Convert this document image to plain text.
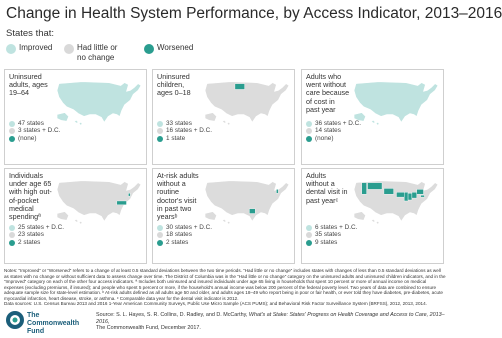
Change in Health System Performance, by Access Indicator, 2013–2016
States that:
Improved	Had little or no change
Worsened
Uninsured adults, ages 19–64
47 states
3 states + D.C.
(none)
Uninsured children, ages 0–18
33 states
16 states + D.C.
1 state
Adults who went without care because of cost in past year
36 states + D.C.
14 states
(none)
Individuals under age 65 with high out-of-pocket medical spendingª
25 states + D.C.
23 states
2 states
At-risk adults without a routine doctor's visit in past two yearsᵇ
30 states + D.C.
18 states
2 states
Adults without a dental visit in past yearᶜ
6 states + D.C.
35 states
9 states
Notes: “Improved” or “Worsened” refers to a change of at least 0.5 standard deviations between the two time periods. “Had little or no change” includes states with changes of less than 0.5 standard deviations as well as states with no change or without sufficient data to assess change over time. The District of Columbia was in the “Had little or no change” category on the uninsured adults and uninsured children indicators, and in the “Improved” category on each of the other four access indicators. ª Includes both uninsured and insured individuals under age 65 living in households that spent 10 percent or more of annual income on medical expenses (excluding premiums, if insured); and people who spent 5 percent or more, if the household's annual income was below 200 percent of the federal poverty level. Two years of data are combined to ensure adequate sample size for state-level estimation. ᵇ At-risk adults defined as all adults age 50 and older, and adults ages 18–49 who report being in poor or fair health, or ever told they have diabetes, pre-diabetes, acute myocardial infarction, heart disease, stroke, or asthma. ᶜ Comparable data year for the dental visit indicator is 2012.
Data sources: U.S. Census Bureau 2013 and 2016 1-Year American Community Surveys, Public Use Micro Sample (ACS PUMS); and Behavioral Risk Factor Surveillance System (BRFSS), 2012, 2013, 2014.
The Commonwealth Fund
Source: S. L. Hayes, S. R. Collins, D. Radley, and D. McCarthy, What's at Stake: States' Progress on Health Coverage and Access to Care, 2013–2016,
The Commonwealth Fund, December 2017.
